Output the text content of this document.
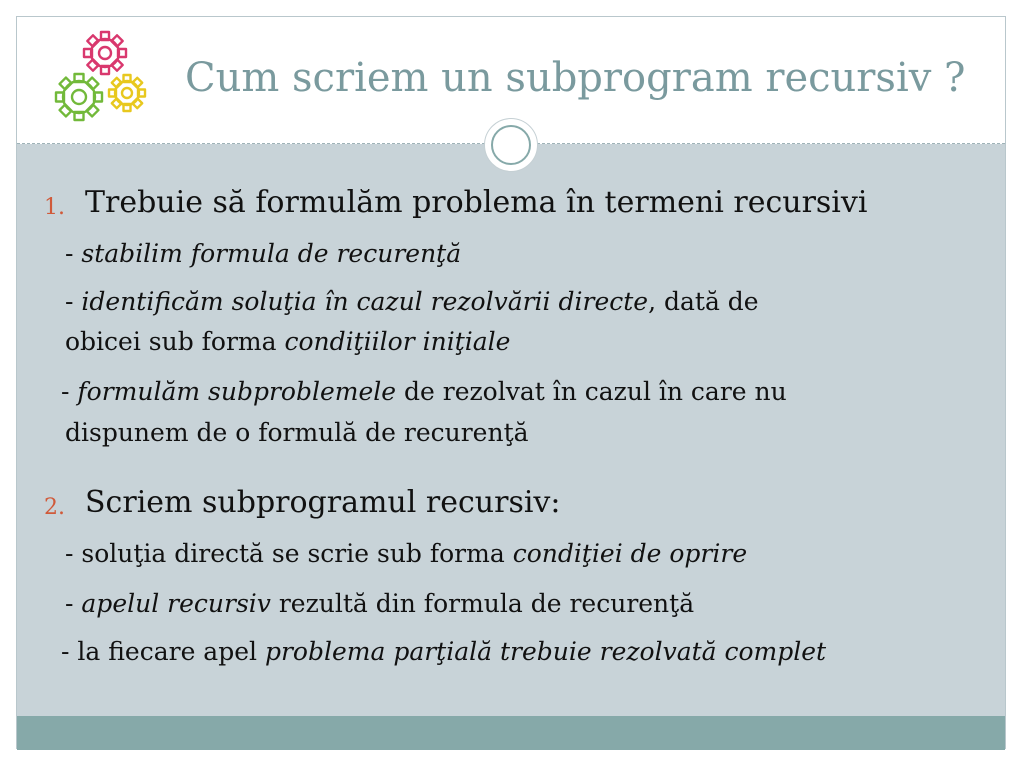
Cum scriem un subprogram recursiv ?
1. Trebuie să formulăm problema în termeni recursivi
- stabilim formula de recurenţă
- identificăm soluţia în cazul rezolvării directe, dată de
obicei sub forma condiţiilor iniţiale
- formulăm subproblemele de rezolvat în cazul în care nu
dispunem de o formulă de recurenţă
2. Scriem subprogramul recursiv:
- soluţia directă se scrie sub forma condiţiei de oprire
- apelul recursiv rezultă din formula de recurenţă
- la fiecare apel problema parţială trebuie rezolvată complet
